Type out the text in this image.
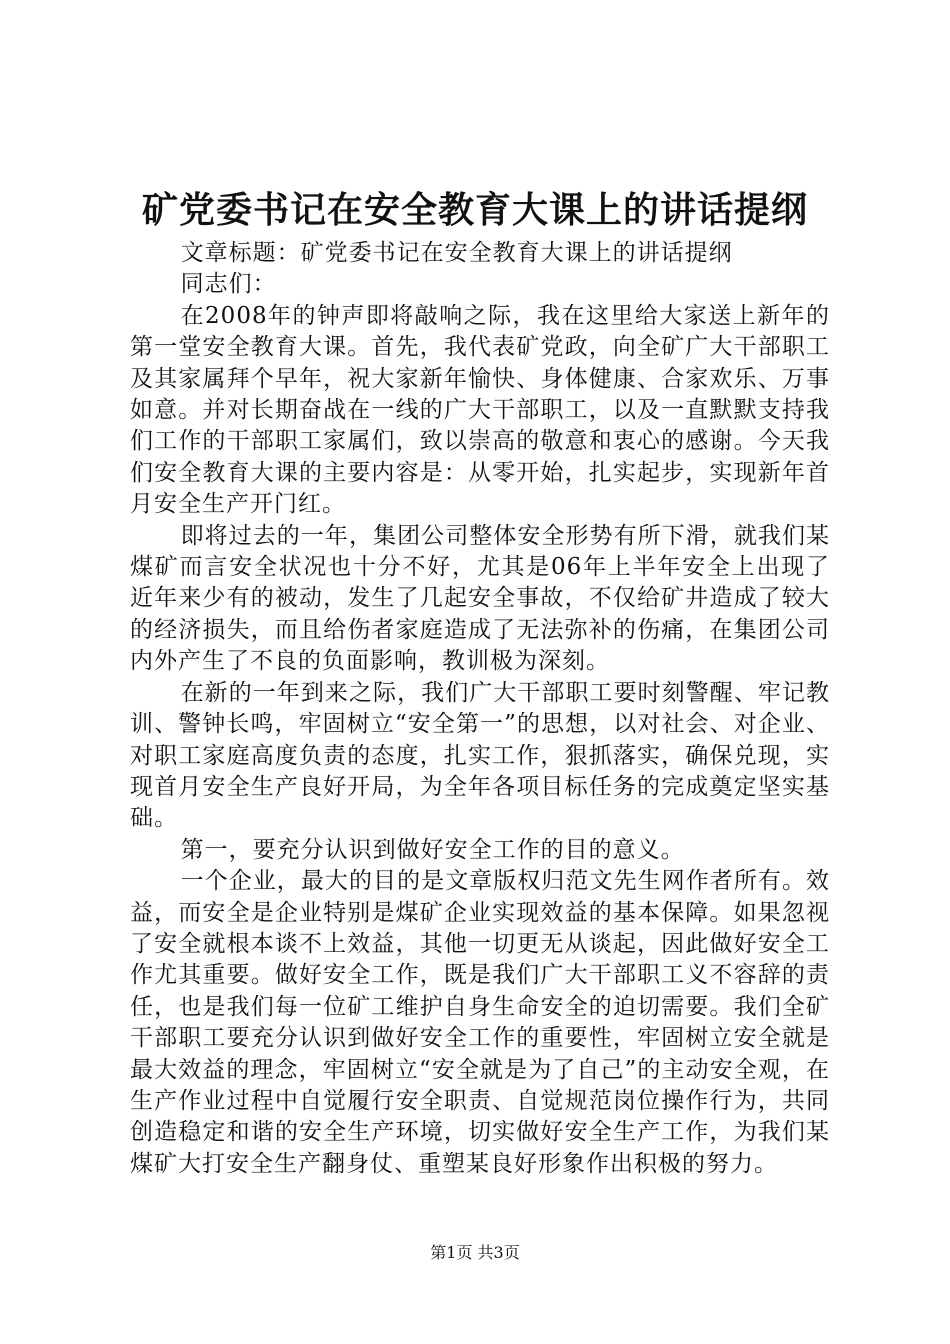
矿党委书记在安全教育大课上的讲话提纲

文章标题：矿党委书记在安全教育大课上的讲话提纲

同志们：

在2008年的钟声即将敲响之际，我在这里给大家送上新年的第一堂安全教育大课。首先，我代表矿党政，向全矿广大干部职工及其家属拜个早年，祝大家新年愉快、身体健康、合家欢乐、万事如意。并对长期奋战在一线的广大干部职工，以及一直默默支持我们工作的干部职工家属们，致以崇高的敬意和衷心的感谢。今天我们安全教育大课的主要内容是：从零开始，扎实起步，实现新年首月安全生产开门红。

即将过去的一年，集团公司整体安全形势有所下滑，就我们某煤矿而言安全状况也十分不好，尤其是06年上半年安全上出现了近年来少有的被动，发生了几起安全事故，不仅给矿井造成了较大的经济损失，而且给伤者家庭造成了无法弥补的伤痛，在集团公司内外产生了不良的负面影响，教训极为深刻。

在新的一年到来之际，我们广大干部职工要时刻警醒、牢记教训、警钟长鸣，牢固树立“安全第一”的思想，以对社会、对企业、对职工家庭高度负责的态度，扎实工作，狠抓落实，确保兑现，实现首月安全生产良好开局，为全年各项目标任务的完成奠定坚实基础。

第一，要充分认识到做好安全工作的目的意义。

一个企业，最大的目的是文章版权归范文先生网作者所有。效益，而安全是企业特别是煤矿企业实现效益的基本保障。如果忽视了安全就根本谈不上效益，其他一切更无从谈起，因此做好安全工作尤其重要。做好安全工作，既是我们广大干部职工义不容辞的责任，也是我们每一位矿工维护自身生命安全的迫切需要。我们全矿干部职工要充分认识到做好安全工作的重要性，牢固树立安全就是最大效益的理念，牢固树立“安全就是为了自己”的主动安全观，在生产作业过程中自觉履行安全职责、自觉规范岗位操作行为，共同创造稳定和谐的安全生产环境，切实做好安全生产工作，为我们某煤矿大打安全生产翻身仗、重塑某良好形象作出积极的努力。

第1页 共3页
